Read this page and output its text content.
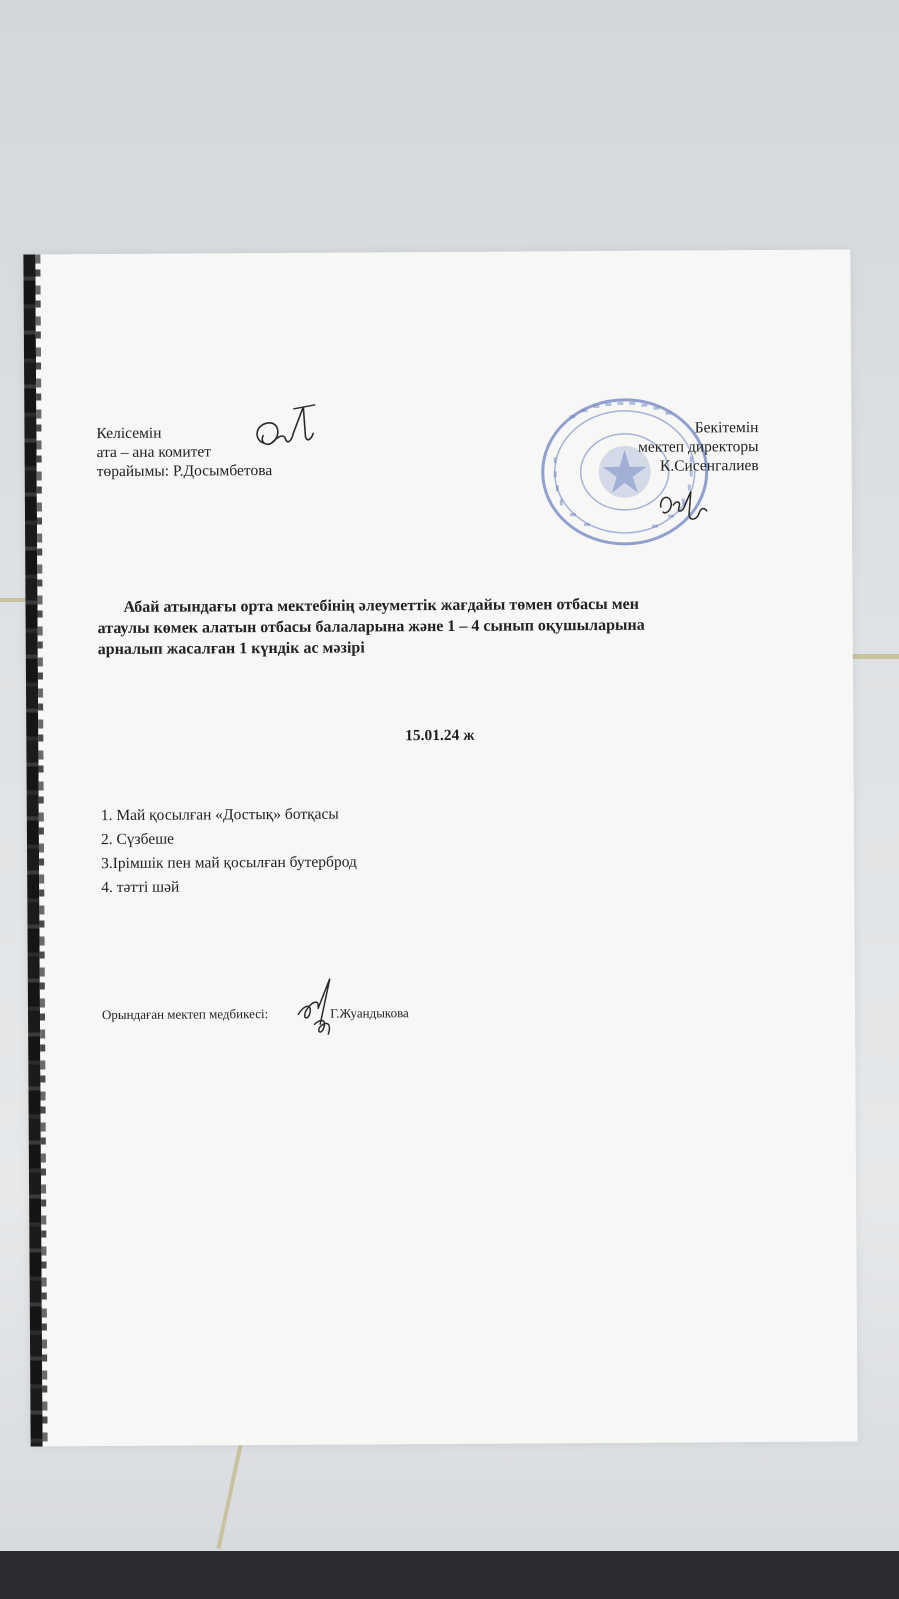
Келісемін
ата – ана комитет
төрайымы: Р.Досымбетова
Бекітемін
мектеп директоры
К.Сисенгалиев
Абай атындағы орта мектебінің әлеуметтік жағдайы төмен отбасы мен
атаулы көмек алатын отбасы балаларына және 1 – 4 сынып оқушыларына
арналып жасалған 1 күндік ас мәзірі
15.01.24 ж
1. Май қосылған «Достық» ботқасы
2. Сүзбеше
3.Ірімшік пен май қосылған бутерброд
4. тәтті шәй
Орындаған мектеп медбикесі:	Г.Жуандыкова
